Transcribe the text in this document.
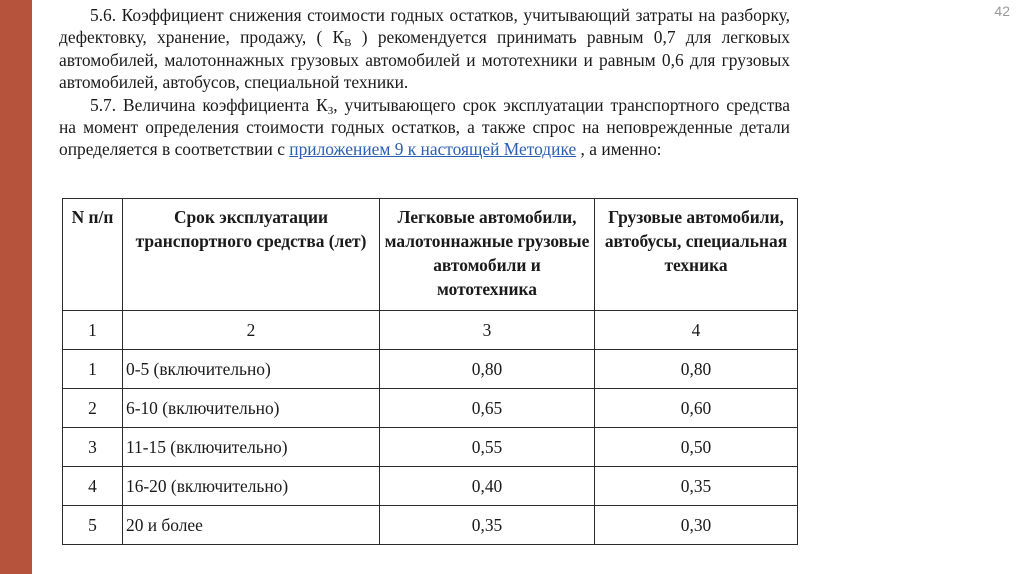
42

5.6. Коэффициент снижения стоимости годных остатков, учитывающий затраты на разборку, дефектовку, хранение, продажу, ( $К_В$ ) рекомендуется принимать равным 0,7 для легковых автомобилей, малотоннажных грузовых автомобилей и мототехники и равным 0,6 для грузовых автомобилей, автобусов, специальной техники.

5.7. Величина коэффициента $К_З$, учитывающего срок эксплуатации транспортного средства на момент определения стоимости годных остатков, а также спрос на неповрежденные детали определяется в соответствии с приложением 9 к настоящей Методике , а именно:

N п/п	Срок эксплуатации транспортного средства (лет)	Легковые автомобили, малотоннажные грузовые автомобили и мототехника	Грузовые автомобили, автобусы, специальная техника
1	2	3	4
1	0-5 (включительно)	0,80	0,80
2	6-10 (включительно)	0,65	0,60
3	11-15 (включительно)	0,55	0,50
4	16-20 (включительно)	0,40	0,35
5	20 и более	0,35	0,30
